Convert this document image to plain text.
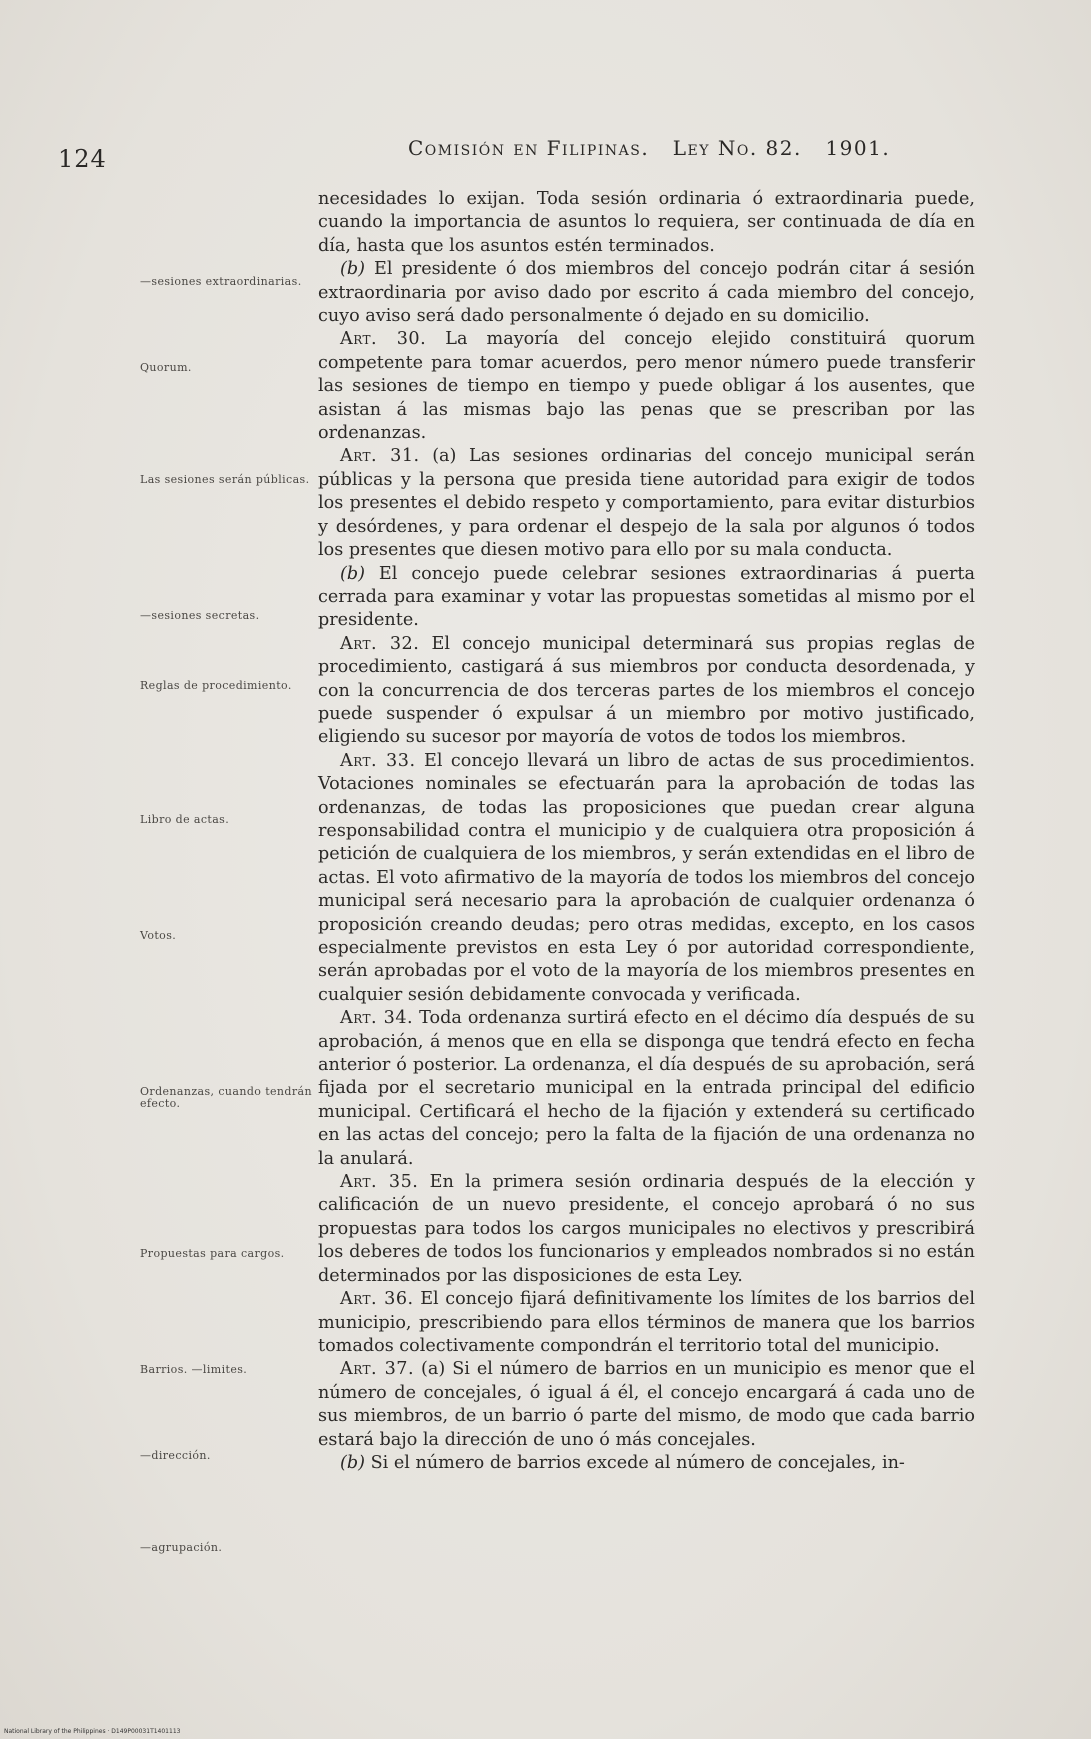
124	Comisión en Filipinas. Ley No. 82. 1901.
—sesiones extraordinarias.
Quorum.
Las sesiones serán públicas.
—sesiones secretas.
Reglas de procedimiento.
Libro de actas.
Votos.
Ordenanzas, cuando tendrán efecto.
Propuestas para cargos.
Barrios. —limites.
—dirección.
—agrupación.

necesidades lo exijan. Toda sesión ordinaria ó extraordinaria puede, cuando la importancia de asuntos lo requiera, ser continuada de día en día, hasta que los asuntos estén terminados.

(b) El presidente ó dos miembros del concejo podrán citar á sesión extraordinaria por aviso dado por escrito á cada miembro del concejo, cuyo aviso será dado personalmente ó dejado en su domicilio.

Art. 30. La mayoría del concejo elejido constituirá quorum competente para tomar acuerdos, pero menor número puede transferir las sesiones de tiempo en tiempo y puede obligar á los ausentes, que asistan á las mismas bajo las penas que se prescriban por las ordenanzas.

Art. 31. (a) Las sesiones ordinarias del concejo municipal serán públicas y la persona que presida tiene autoridad para exigir de todos los presentes el debido respeto y comportamiento, para evitar disturbios y desórdenes, y para ordenar el despejo de la sala por algunos ó todos los presentes que diesen motivo para ello por su mala conducta.

(b) El concejo puede celebrar sesiones extraordinarias á puerta cerrada para examinar y votar las propuestas sometidas al mismo por el presidente.

Art. 32. El concejo municipal determinará sus propias reglas de procedimiento, castigará á sus miembros por conducta desordenada, y con la concurrencia de dos terceras partes de los miembros el concejo puede suspender ó expulsar á un miembro por motivo justificado, eligiendo su sucesor por mayoría de votos de todos los miembros.

Art. 33. El concejo llevará un libro de actas de sus procedimientos. Votaciones nominales se efectuarán para la aprobación de todas las ordenanzas, de todas las proposiciones que puedan crear alguna responsabilidad contra el municipio y de cualquiera otra proposición á petición de cualquiera de los miembros, y serán extendidas en el libro de actas. El voto afirmativo de la mayoría de todos los miembros del concejo municipal será necesario para la aprobación de cualquier ordenanza ó proposición creando deudas; pero otras medidas, excepto, en los casos especialmente previstos en esta Ley ó por autoridad correspondiente, serán aprobadas por el voto de la mayoría de los miembros presentes en cualquier sesión debidamente convocada y verificada.

Art. 34. Toda ordenanza surtirá efecto en el décimo día después de su aprobación, á menos que en ella se disponga que tendrá efecto en fecha anterior ó posterior. La ordenanza, el día después de su aprobación, será fijada por el secretario municipal en la entrada principal del edificio municipal. Certificará el hecho de la fijación y extenderá su certificado en las actas del concejo; pero la falta de la fijación de una ordenanza no la anulará.

Art. 35. En la primera sesión ordinaria después de la elección y calificación de un nuevo presidente, el concejo aprobará ó no sus propuestas para todos los cargos municipales no electivos y prescribirá los deberes de todos los funcionarios y empleados nombrados si no están determinados por las disposiciones de esta Ley.

Art. 36. El concejo fijará definitivamente los límites de los barrios del municipio, prescribiendo para ellos términos de manera que los barrios tomados colectivamente compondrán el territorio total del municipio.

Art. 37. (a) Si el número de barrios en un municipio es menor que el número de concejales, ó igual á él, el concejo encargará á cada uno de sus miembros, de un barrio ó parte del mismo, de modo que cada barrio estará bajo la dirección de uno ó más concejales.

(b) Si el número de barrios excede al número de concejales, in-

National Library of the Philippines · D149P00031T1401113
